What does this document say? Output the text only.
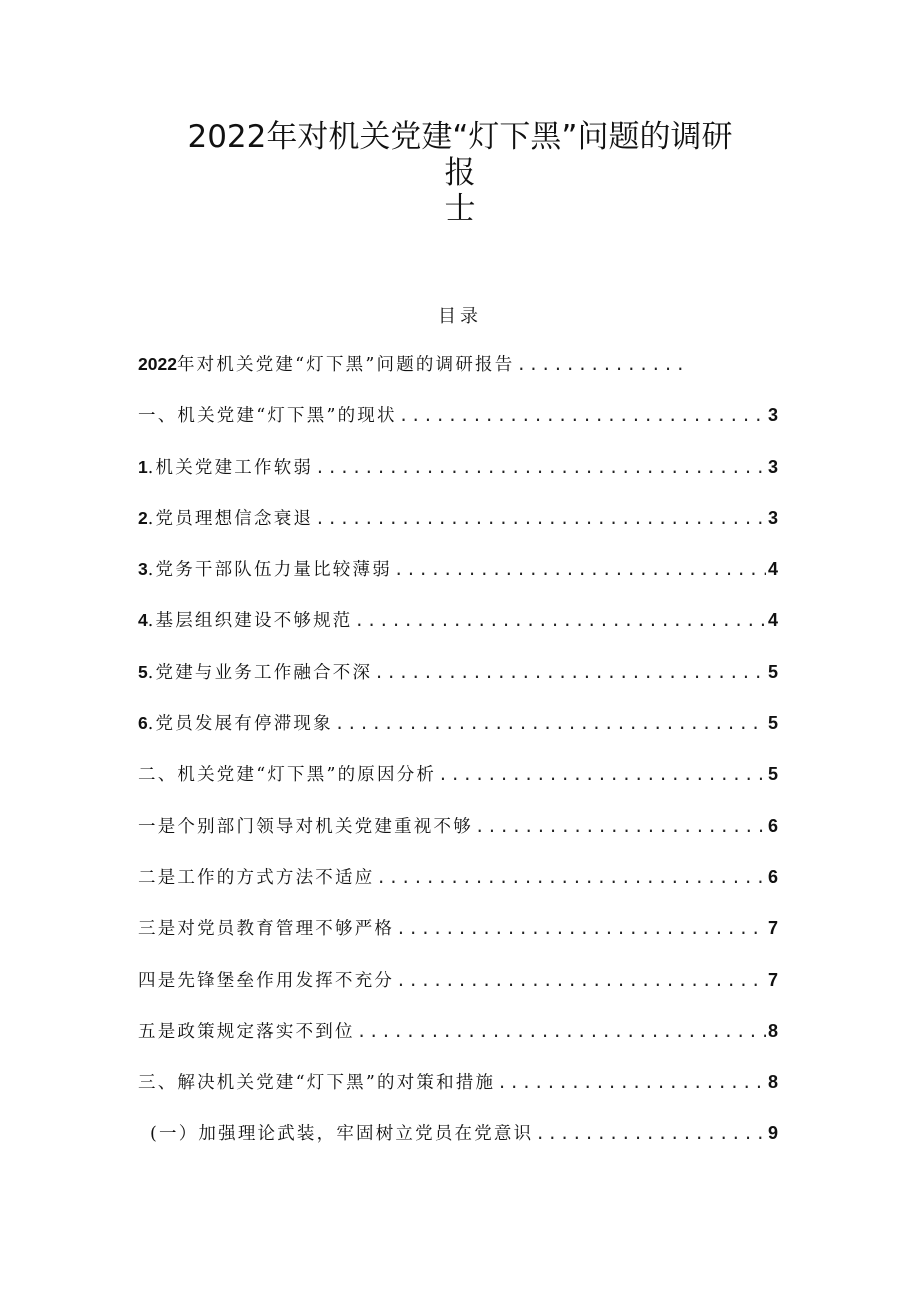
2022年对机关党建“灯下黑”问题的调研
报
士
目录
2022年对机关党建“灯下黑”问题的调研报告
.....
一、机关党建“灯下黑”的现状 .....	3
1.机关党建工作软弱 .....	3
2.党员理想信念衰退 .....	3
3.党务干部队伍力量比较薄弱 .....	4
4.基层组织建设不够规范 .....	4
5.党建与业务工作融合不深 .....	5
6.党员发展有停滞现象 .....	5
二、机关党建“灯下黑”的原因分析 .....	5
一是个别部门领导对机关党建重视不够 .....	6
二是工作的方式方法不适应 .....	6
三是对党员教育管理不够严格 .....	7
四是先锋堡垒作用发挥不充分 .....	7
五是政策规定落实不到位 .....	8
三、解决机关党建“灯下黑”的对策和措施 .....	8
(一）加强理论武装，牢固树立党员在党意识 .....	9
